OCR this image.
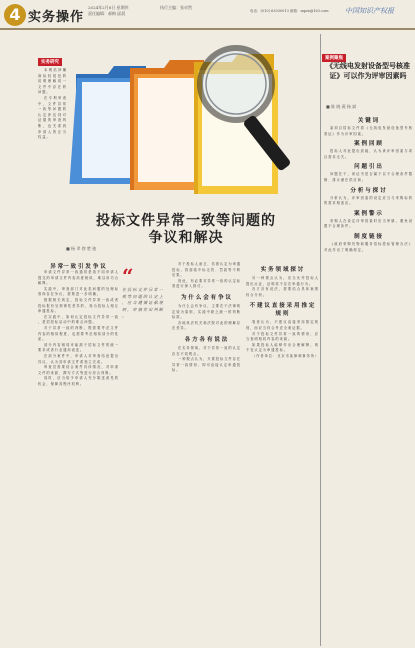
4 实务操作
2024年2月8日 星期四
责任编辑：郝梅 邱晨
执行主编：张卓然
电话：(010) 63030013 邮箱：mpzx@163.com 中国知识产权报
实务研究
投标文件异常一致等问题的
争议和解决
■ 杨 翠 徐 楚 骏

本 网 站 涉 嫌 商 标 权 侵 犯 的 说 明 理 解 同 一 文 件 中 存 在 的 问 题 。

在 专 利 审 查 中 ， 文 件 异 常 一 致 等 问 题 的 认 定 涉 及 到 对 证 据 的 审 查 判 断 ， 也 关 系 到 申 请 人 的 正 当 权 益 。

异 常一 致 引 发 争 议

申 请 文 件 异 常 一 致 通 常 是 指 不 同 申 请 人 提 交 的 申 请 文 件 内 容 高 度 相 似 ， 难 以 用 巧 合 解 释 。

实 践 中 ， 审 查 部 门 对 此 类 问 题 的 处 理 标 准 尚 存 在 争 议 ， 需 要 进 一 步 明 确 。

根 据 相 关 规 定 ， 投 标 文 件 异 常 一 致 或 者 投 标 报 价 呈 规 律 性 差 异 的 ， 视 为 投 标 人 相 互 串 通 投 标 。

在 实 践 中 ， 如 何 认 定 投 标 文 件 异 常 一 致 ， 是 招 投 标 活 动 中 的 难 点 问 题 。

对 于 异 常 一 致 的 判 断 ， 既 需 要 考 虑 文 件 内 容 的 相 似 程 度 ， 也 需 要 考 虑 相 似 部 分 的 性 质 。

部 分 内 容 相 同 可 能 源 于 招 标 文 件 的 统 一 要 求 或 者 行 业 通 用 表 述 。

在 部 分 案 件 中 ， 申 请 人 对 审 查 结 论 提 出 异 议 ， 认 为 其 申 请 文 件 系 独 立 完 成 。

审 查 员 需 要 结 合 案 件 具 体 情 况 ， 对 申 请 文 件 的 来 源 、 撰 写 方 式 等 进 行 综 合 判 断 。

同 时 ， 应 当 给 予 申 请 人 充 分 陈 述 意 见 的 机 会 ， 保 障 其 程 序 权 利 。

“
在 投 标 文 件 异 常 一 致 等 问 题 的 认 定 上 ， 应 当 遵 循 证 据 规 则 ， 审 慎 作 出 判 断 。

对 于 投 标 人 而 言 ， 若 被 认 定 为 串 通 投 标 ， 将 面 临 中 标 无 效 、 罚 款 等 不 利 后 果 。

因 此 ， 有 必 要 对 异 常 一 致 的 认 定 标 准 进 行 深 入 探 讨 。

为 什 么 会 有 争 议

为 什 么 会 有 争 议 ， 主 要 在 于 法 律 规 定 较 为 原 则 ， 实 践 中 缺 乏 统 一 的 判 断 标 准 。

各 地 执 法 机 关 和 法 院 对 此 的 理 解 存 在 差 异 。

各 方 各 有 说 法

在 实 务 领 域 ， 对 于 异 常 一 致 的 认 定 存 在 不 同 观 点 。

一 种 观 点 认 为 ， 只 要 投 标 文 件 存 在 异 常 一 致 情 形 ， 即 可 直 接 认 定 串 通 投 标 。

实 务 领 域 探 讨

另 一 种 观 点 认 为 ， 应 当 允 许 投 标 人 提 出 反 证 ， 证 明 其 不 存 在 串 通 行 为 。

各 方 各 有 说 法 ， 需 要 结 合 具 体 案 情 综 合 分 析 。

不 建 议 直 接 采 用 推 定 规 则

笔 者 认 为 ， 不 建 议 直 接 采 用 推 定 规 则 ， 而 应 当 综 合 考 虑 全 案 证 据 。

对 于 投 标 文 件 异 常 一 致 的 情 形 ， 应 当 查 明 相 同 内 容 的 来 源 。

如 果 投 标 人 能 够 作 出 合 理 解 释 ， 则 不 宜 认 定 为 串 通 投 标 。

（ 作 者 单 位 ： 北 京 市 某 律 师 事 务 所 ）

案例聚焦
《无线电发射设备型号核准证》可以作为评审因素吗
■ 陈 晓 燕 杨 斌
关 键 词

某 项 目 招 标 文 件 将 《 无 线 电 发 射 设 备 型 号 核 准 证 》 作 为 评 审 因 素 。

案 例 回 顾

投 标 人 对 此 提 出 质 疑 ， 认 为 该 评 审 因 素 与 项 目 需 求 无 关 。

问 题 引 出

问 题 在 于 ， 该 证 书 是 否 属 于 以 不 合 理 条 件 限 制 、 排 斥 潜 在 供 应 商 。

分 析 与 探 讨

分 析 认 为 ， 评 审 因 素 的 设 定 应 当 与 采 购 标 的 的 需 求 相 适 应 。

案 例 警 示

采 购 人 在 设 定 评 审 因 素 时 应 当 审 慎 ， 避 免 设 置 不 合 理 条 件 。

制 度 链 接

《 政 府 采 购 货 物 和 服 务 招 标 投 标 管 理 办 法 》 对 此 作 出 了 明 确 规 定 。
